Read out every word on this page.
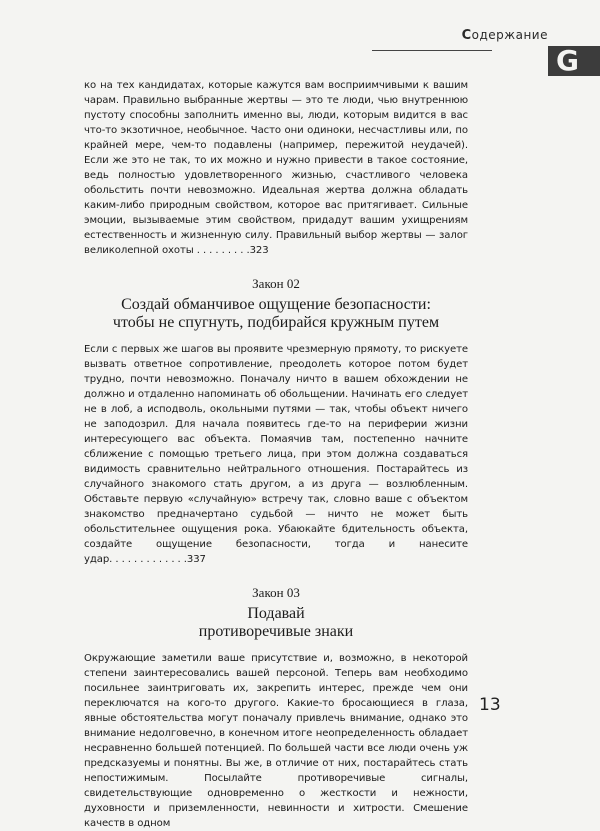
Содержание
G

ко на тех кандидатах, которые кажутся вам восприимчивыми к вашим чарам. Правильно выбранные жертвы — это те люди, чью внутреннюю пустоту способны заполнить именно вы, люди, которым видится в вас что-то экзотичное, необычное. Часто они одиноки, несчастливы или, по крайней мере, чем-то подавлены (например, пережитой неудачей). Если же это не так, то их можно и нужно привести в такое состояние, ведь полностью удовлетворенного жизнью, счастливого человека обольстить почти невозможно. Идеальная жертва должна обладать каким-либо природным свойством, которое вас притягивает. Сильные эмоции, вызываемые этим свойством, придадут вашим ухищрениям естественность и жизненную силу. Правильный выбор жертвы — залог великолепной охоты . . . . . . . . .323

Закон 02
Создай обманчивое ощущение безопасности:
чтобы не спугнуть, подбирайся кружным путем

Если с первых же шагов вы проявите чрезмерную прямоту, то рискуете вызвать ответное сопротивление, преодолеть которое потом будет трудно, почти невозможно. Поначалу ничто в вашем обхождении не должно и отдаленно напоминать об обольщении. Начинать его следует не в лоб, а исподволь, окольными путями — так, чтобы объект ничего не заподозрил. Для начала появитесь где-то на периферии жизни интересующего вас объекта. Помаячив там, постепенно начните сближение с помощью третьего лица, при этом должна создаваться видимость сравнительно нейтрального отношения. Постарайтесь из случайного знакомого стать другом, а из друга — возлюбленным. Обставьте первую «случайную» встречу так, словно ваше с объектом знакомство предначертано судьбой — ничто не может быть обольстительнее ощущения рока. Убаюкайте бдительность объекта, создайте ощущение безопасности, тогда и нанесите удар. . . . . . . . . . . . .337

Закон 03
Подавай
противоречивые знаки

Окружающие заметили ваше присутствие и, возможно, в некоторой степени заинтересовались вашей персоной. Теперь вам необходимо посильнее заинтриговать их, закрепить интерес, прежде чем они переключатся на кого-то другого. Какие-то бросающиеся в глаза, явные обстоятельства могут поначалу привлечь внимание, однако это внимание недолговечно, в конечном итоге неопределенность обладает несравненно большей потенцией. По большей части все люди очень уж предсказуемы и понятны. Вы же, в отличие от них, постарайтесь стать непостижимым. Посылайте противоречивые сигналы, свидетельствующие одновременно о жесткости и нежности, духовности и приземленности, невинности и хитрости. Смешение качеств в одном

13
